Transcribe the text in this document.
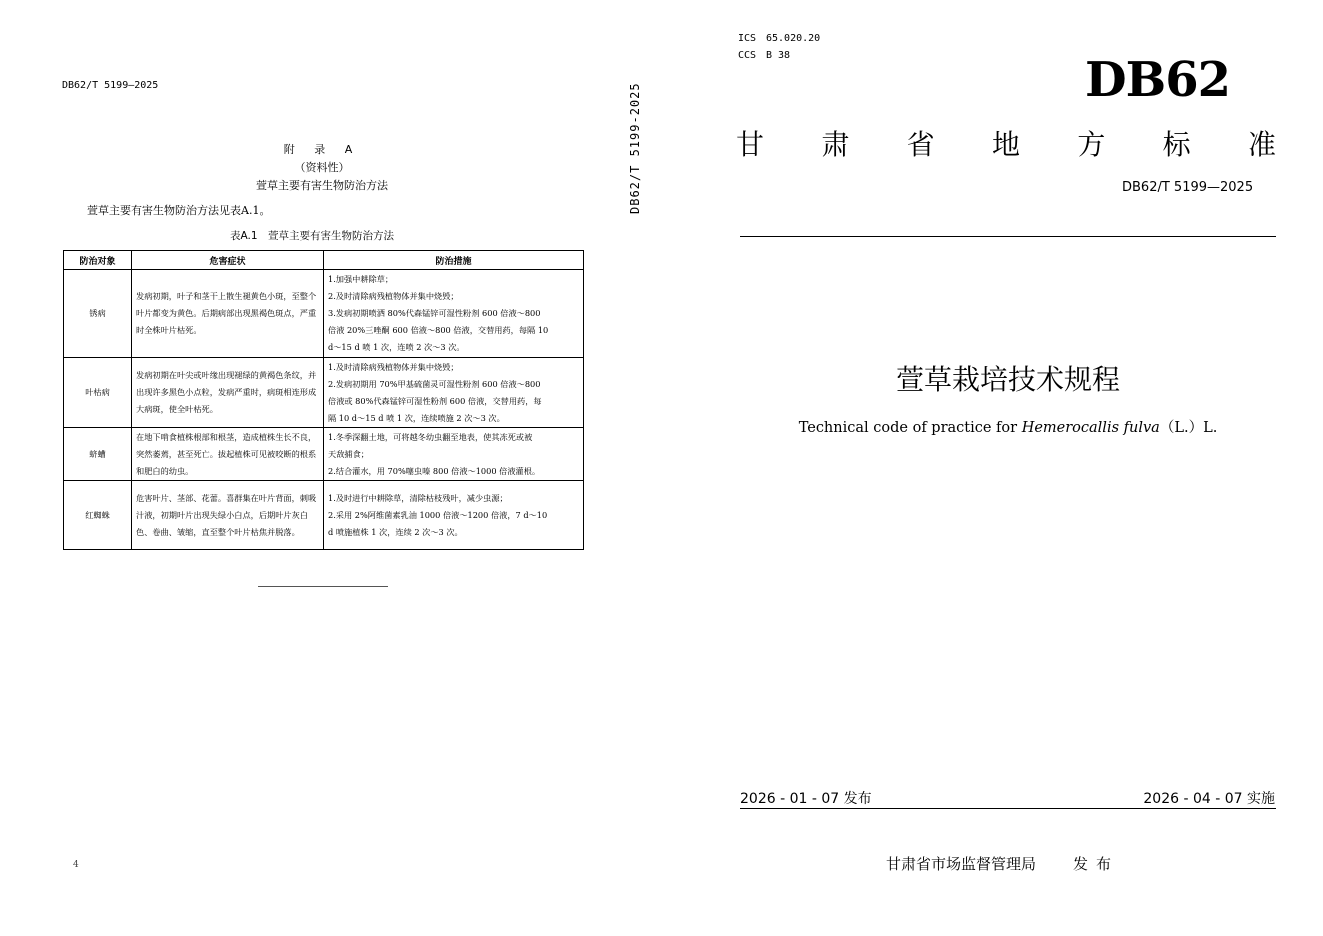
DB62/T 5199—2025
附 录 A
（资料性）
萱草主要有害生物防治方法
萱草主要有害生物防治方法见表A.1。
表A.1　萱草主要有害生物防治方法
防治对象	危害症状	防治措施
锈病	发病初期，叶子和茎干上散生褪黄色小斑，至整个叶片都变为黄色。后期病部出现黑褐色斑点，严重时全株叶片枯死。	1.加强中耕除草；
2.及时清除病残植物体并集中烧毁；
3.发病初期喷洒 80%代森锰锌可湿性粉剂 600 倍液～800
倍液 20%三唑酮 600 倍液～800 倍液，交替用药，每隔 10
d～15 d 喷 1 次，连喷 2 次～3 次。

叶枯病	发病初期在叶尖或叶缘出现褪绿的黄褐色条纹，并出现许多黑色小点粒，发病严重时，病斑相连形成大病斑，使全叶枯死。	1.及时清除病残植物体并集中烧毁；
2.发病初期用 70%甲基硫菌灵可湿性粉剂 600 倍液～800
倍液或 80%代森锰锌可湿性粉剂 600 倍液，交替用药，每
隔 10 d～15 d 喷 1 次，连续喷施 2 次～3 次。

蛴螬	在地下啃食植株根部和根茎，造成植株生长不良，突然萎蔫，甚至死亡。拔起植株可见被咬断的根系和肥白的幼虫。	1.冬季深翻土地，可将越冬幼虫翻至地表，使其冻死或被
天敌捕食；
2.结合灌水，用 70%噻虫嗪 800 倍液～1000 倍液灌根。

红蜘蛛	危害叶片、茎部、花蕾。喜群集在叶片背面，刺吸汁液，初期叶片出现失绿小白点，后期叶片灰白色、卷曲、皱缩，直至整个叶片枯焦并脱落。	1.及时进行中耕除草，清除枯枝残叶，减少虫源；
2.采用 2%阿维菌素乳油 1000 倍液～1200 倍液，7 d～10
d 喷施植株 1 次，连续 2 次～3 次。
4
DB62/T 5199-2025
ICS 65.020.20
CCS B 38	DB62
甘 肃 省 地 方 标 准
DB62/T 5199—2025
萱草栽培技术规程
Technical code of practice for Hemerocallis fulva（L.）L.
2026 - 01 - 07 发布	2026 - 04 - 07 实施
甘肃省市场监督管理局 发布
